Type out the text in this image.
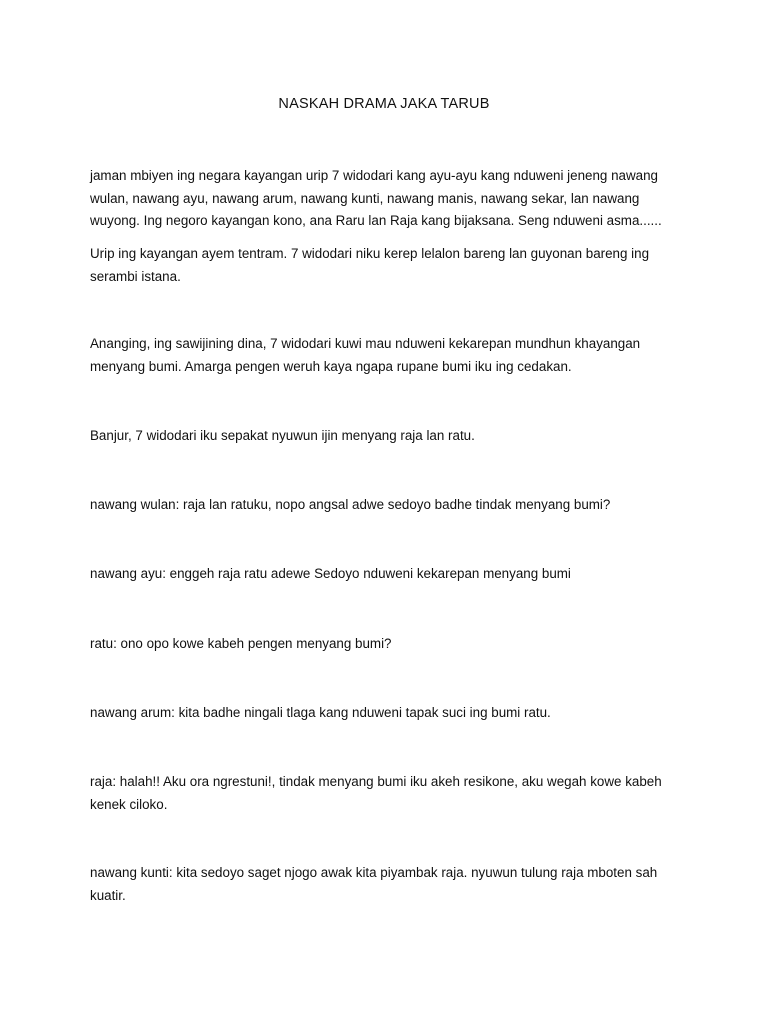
NASKAH DRAMA JAKA TARUB

jaman mbiyen ing negara kayangan urip 7 widodari kang ayu-ayu kang nduweni jeneng nawang wulan, nawang ayu, nawang arum, nawang kunti, nawang manis, nawang sekar, lan nawang wuyong. Ing negoro kayangan kono, ana Raru lan Raja kang bijaksana. Seng nduweni asma......

Urip ing kayangan ayem tentram. 7 widodari niku kerep lelalon bareng lan guyonan bareng ing serambi istana.

Ananging, ing sawijining dina, 7 widodari kuwi mau nduweni kekarepan mundhun khayangan menyang bumi. Amarga pengen weruh kaya ngapa rupane bumi iku ing cedakan.

Banjur, 7 widodari iku sepakat nyuwun ijin menyang raja lan ratu.

nawang wulan: raja lan ratuku, nopo angsal adwe sedoyo badhe tindak menyang bumi?

nawang ayu: enggeh raja ratu adewe Sedoyo nduweni kekarepan menyang bumi

ratu: ono opo kowe kabeh pengen menyang bumi?

nawang arum: kita badhe ningali tlaga kang nduweni tapak suci ing bumi ratu.

raja: halah!! Aku ora ngrestuni!, tindak menyang bumi iku akeh resikone, aku wegah kowe kabeh kenek ciloko.

nawang kunti: kita sedoyo saget njogo awak kita piyambak raja. nyuwun tulung raja mboten sah kuatir.
